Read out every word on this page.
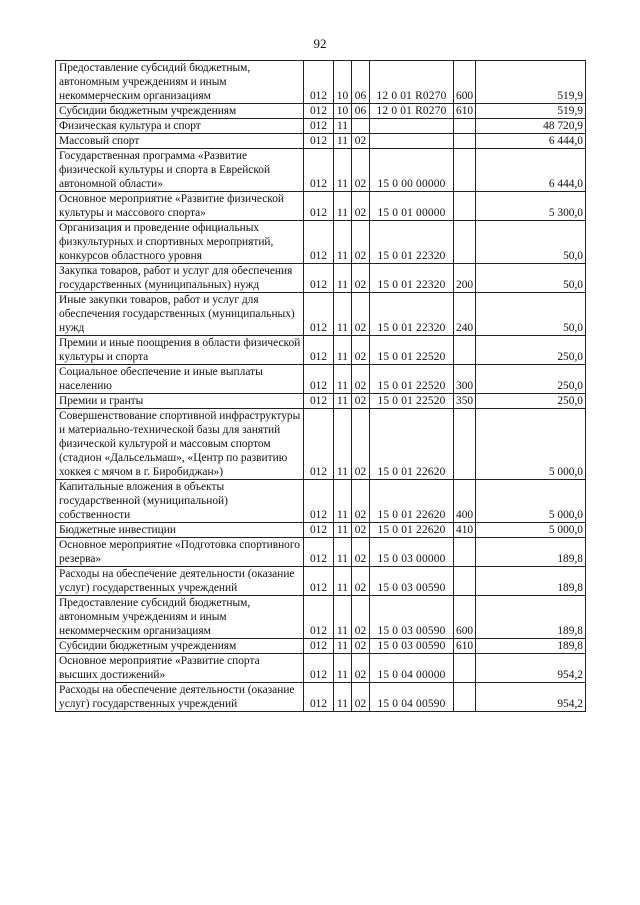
92
Предоставление субсидий бюджетным, автономным учреждениям и иным некоммерческим организациям	012	10	06	12 0 01 R0270	600	519,9
Субсидии бюджетным учреждениям	012	10	06	12 0 01 R0270	610	519,9
Физическая культура и спорт	012	11				48 720,9
Массовый спорт	012	11	02			6 444,0
Государственная программа «Развитие физической культуры и спорта в Еврейской автономной области»	012	11	02	15 0 00 00000		6 444,0
Основное мероприятие «Развитие физической культуры и массового спорта»	012	11	02	15 0 01 00000		5 300,0
Организация и проведение официальных физкультурных и спортивных мероприятий, конкурсов областного уровня	012	11	02	15 0 01 22320		50,0
Закупка товаров, работ и услуг для обеспечения государственных (муниципальных) нужд	012	11	02	15 0 01 22320	200	50,0
Иные закупки товаров, работ и услуг для обеспечения государственных (муниципальных) нужд	012	11	02	15 0 01 22320	240	50,0
Премии и иные поощрения в области физической культуры и спорта	012	11	02	15 0 01 22520		250,0
Социальное обеспечение и иные выплаты населению	012	11	02	15 0 01 22520	300	250,0
Премии и гранты	012	11	02	15 0 01 22520	350	250,0
Совершенствование спортивной инфраструктуры и материально-технической базы для занятий физической культурой и массовым спортом (стадион «Дальсельмаш», «Центр по развитию хоккея с мячом в г. Биробиджан»)	012	11	02	15 0 01 22620		5 000,0
Капитальные вложения в объекты государственной (муниципальной) собственности	012	11	02	15 0 01 22620	400	5 000,0
Бюджетные инвестиции	012	11	02	15 0 01 22620	410	5 000,0
Основное мероприятие «Подготовка спортивного резерва»	012	11	02	15 0 03 00000		189,8
Расходы на обеспечение деятельности (оказание услуг) государственных учреждений	012	11	02	15 0 03 00590		189,8
Предоставление субсидий бюджетным, автономным учреждениям и иным некоммерческим организациям	012	11	02	15 0 03 00590	600	189,8
Субсидии бюджетным учреждениям	012	11	02	15 0 03 00590	610	189,8
Основное мероприятие «Развитие спорта высших достижений»	012	11	02	15 0 04 00000		954,2
Расходы на обеспечение деятельности (оказание услуг) государственных учреждений	012	11	02	15 0 04 00590		954,2
